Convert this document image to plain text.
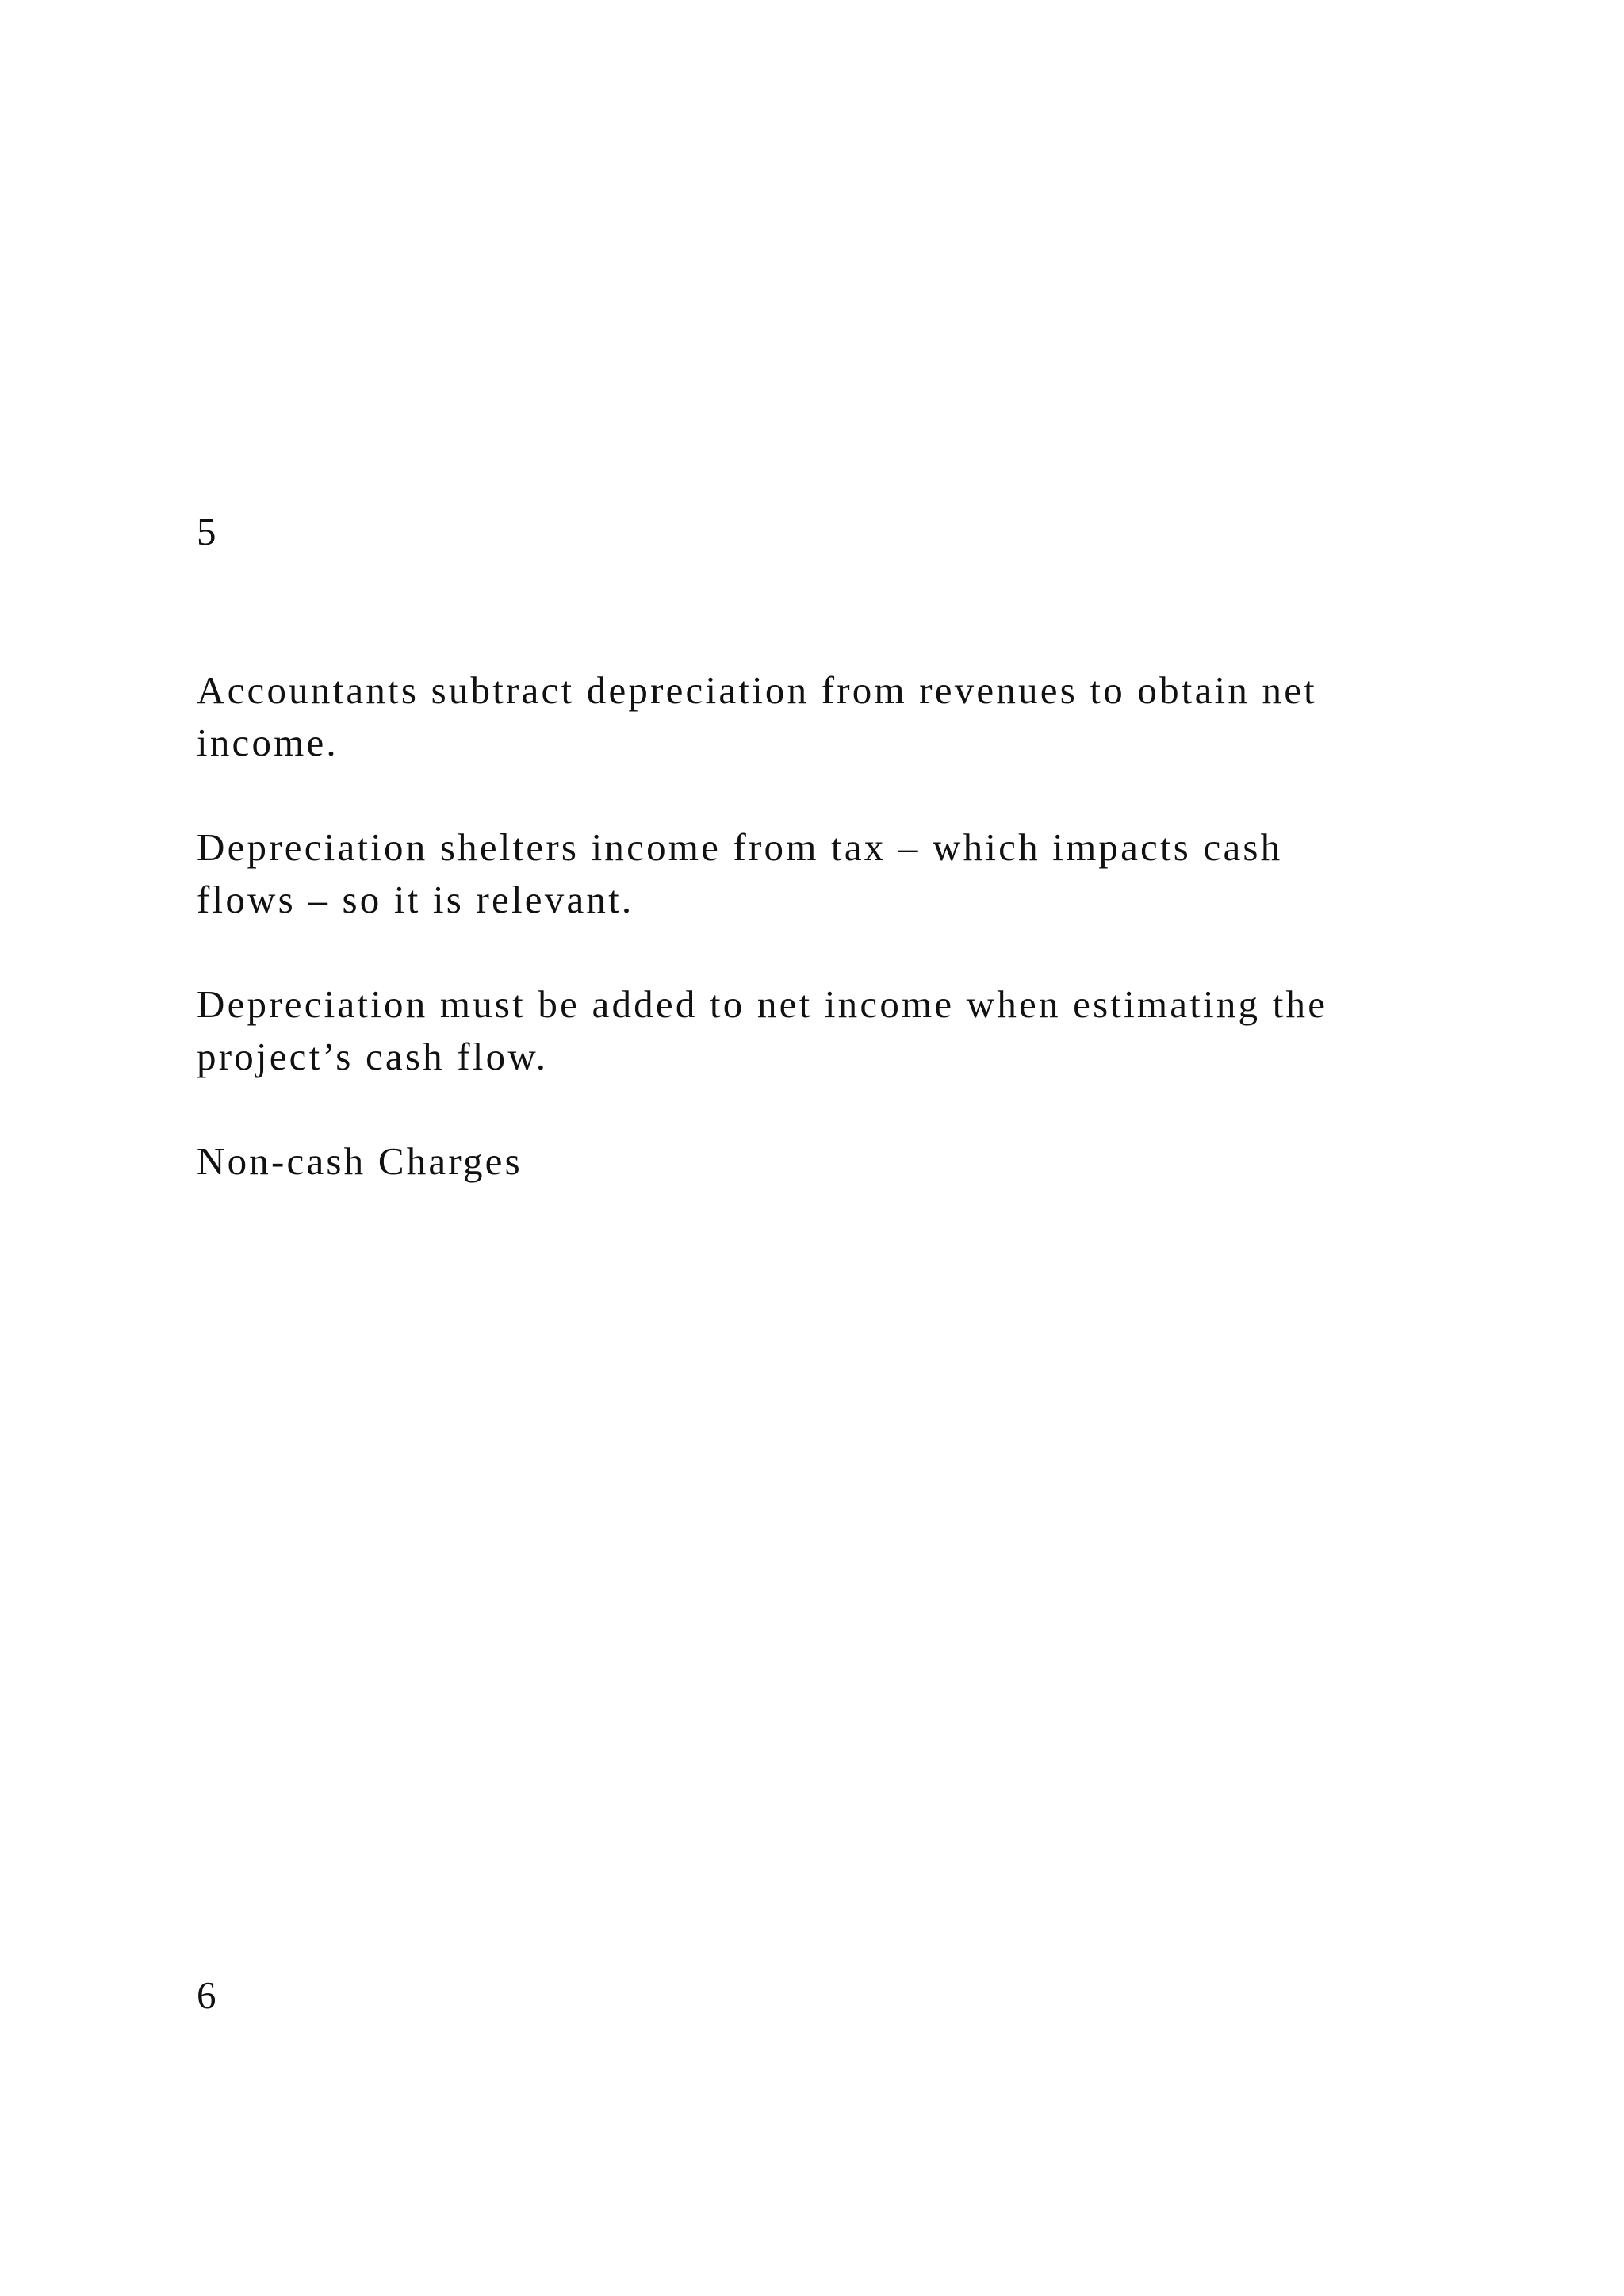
5

Accountants subtract depreciation from revenues to obtain net

income.

Depreciation shelters income from tax – which impacts cash

flows – so it is relevant.

Depreciation must be added to net income when estimating the

project’s cash flow.

Non-cash Charges

6
